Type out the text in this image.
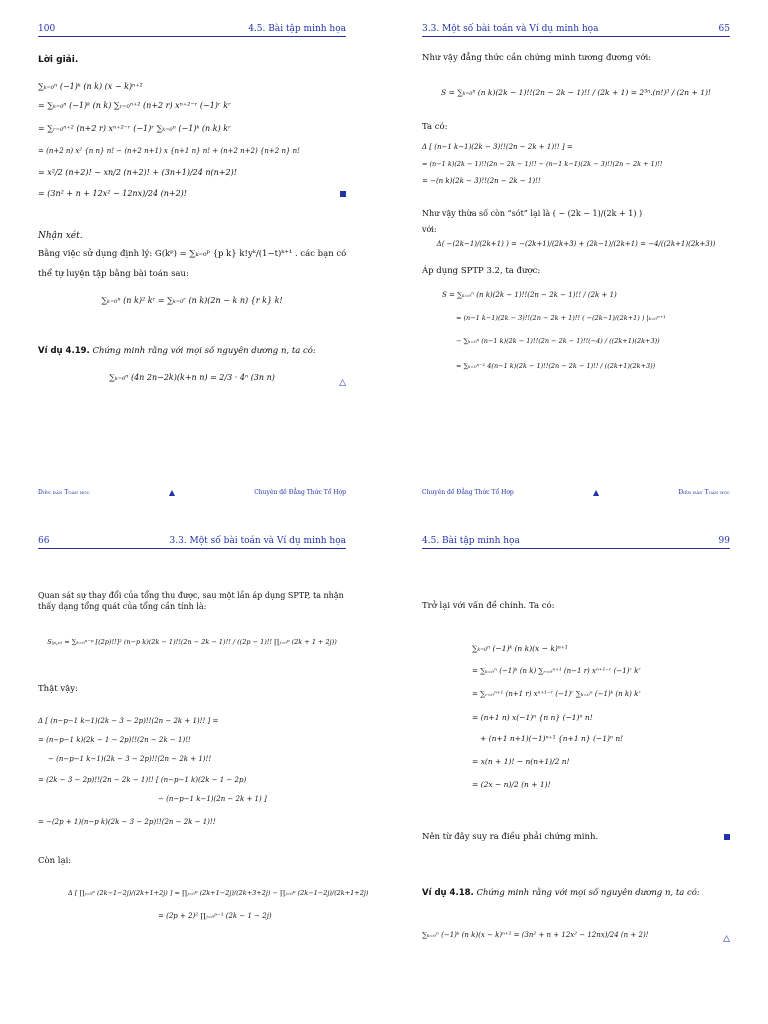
100	4.5. Bài tập minh họa
Lời giải.
∑ₖ₌₀ⁿ (−1)ᵏ (n k) (x − k)ⁿ⁺²
= ∑ₖ₌₀ⁿ (−1)ᵏ (n k) ∑ᵣ₌₀ⁿ⁺² (n+2 r) xⁿ⁺²⁻ʳ (−1)ʳ kʳ
= ∑ᵣ₌₀ⁿ⁺² (n+2 r) xⁿ⁺²⁻ʳ (−1)ʳ ∑ₖ₌₀ⁿ (−1)ᵏ (n k) kʳ
= (n+2 n) x² {n n} n! − (n+2 n+1) x {n+1 n} n! + (n+2 n+2) {n+2 n} n!
= x²/2 (n+2)! − xn/2 (n+2)! + (3n+1)/24 n(n+2)!
= (3n² + n + 12x² − 12nx)/24 (n+2)!
Nhận xét.
Bằng việc sử dụng định lý: G(kᵖ) = ∑ₖ₌₀ᵖ {p k} k!yᵏ/(1−t)ᵏ⁺¹ . các bạn có
thể tự luyện tập bằng bài toán sau:
∑ₖ₌₀ⁿ (n k)² kʳ = ∑ₖ₌₀ʳ (n k)(2n − k n) {r k} k!
Ví dụ 4.19. Chứng minh rằng với mọi số nguyên dương n, ta có:
∑ₖ₌₀ⁿ (4n 2n−2k)(k+n n) = 2/3 · 4ⁿ (3n n)
△
Diễn đàn Toán học	▲	Chuyên đề Đẳng Thức Tổ Hợp
3.3. Một số bài toán và Ví dụ minh họa	65
Như vậy đẳng thức cần chứng minh tương đương với:
S = ∑ₖ₌₀ⁿ (n k)(2k − 1)!!(2n − 2k − 1)!! / (2k + 1) = 2³ⁿ.(n!)³ / (2n + 1)!
Ta có:
Δ [ (n−1 k−1)(2k − 3)!!(2n − 2k + 1)!! ] =
= (n−1 k)(2k − 1)!!(2n − 2k − 1)!! − (n−1 k−1)(2k − 3)!!(2n − 2k + 1)!!
= −(n k)(2k − 3)!!(2n − 2k − 1)!!
Như vậy thừa số còn “sót” lại là ( − (2k − 1)/(2k + 1) )
với:
Δ( −(2k−1)/(2k+1) ) = −(2k+1)/(2k+3) + (2k−1)/(2k+1) = −4/((2k+1)(2k+3))
Áp dụng SPTP 3.2, ta được:
S = ∑ₖ₌₀ⁿ (n k)(2k − 1)!!(2n − 2k − 1)!! / (2k + 1)
= (n−1 k−1)(2k − 3)!!(2n − 2k + 1)!! ( −(2k−1)/(2k+1) ) |ₖ₌₀ⁿ⁺¹
− ∑ₖ₌₀ⁿ (n−1 k)(2k − 1)!!(2n − 2k − 1)!!(−4) / ((2k+1)(2k+3))
= ∑ₖ₌₀ⁿ⁻¹ 4(n−1 k)(2k − 1)!!(2n − 2k − 1)!! / ((2k+1)(2k+3))
Chuyên đề Đẳng Thức Tổ Hợp	▲	Diễn đàn Toán học
66	3.3. Một số bài toán và Ví dụ minh họa
Quan sát sự thay đổi của tổng thu được, sau một lần áp dụng SPTP, ta nhận
thấy dạng tổng quát của tổng cần tính là:
S₍ₚ,ₙ₎ = ∑ₖ₌₀ⁿ⁻ᵖ [(2p)!!]² (n−p k)(2k − 1)!!(2n − 2k − 1)!! / ((2p − 1)!! ∏ⱼ₌₀ᵖ (2k + 1 + 2j))
Thật vậy:
Δ [ (n−p−1 k−1)(2k − 3 − 2p)!!(2n − 2k + 1)!! ] =
= (n−p−1 k)(2k − 1 − 2p)!!(2n − 2k − 1)!!
− (n−p−1 k−1)(2k − 3 − 2p)!!(2n − 2k + 1)!!
= (2k − 3 − 2p)!!(2n − 2k − 1)!! [ (n−p−1 k)(2k − 1 − 2p)
− (n−p−1 k−1)(2n − 2k + 1) ]
= −(2p + 1)(n−p k)(2k − 3 − 2p)!!(2n − 2k − 1)!!
Còn lại:
Δ [ ∏ⱼ₌₀ᵖ (2k−1−2j)/(2k+1+2j) ] = ∏ⱼ₌₀ᵖ (2k+1−2j)/(2k+3+2j) − ∏ⱼ₌₀ᵖ (2k−1−2j)/(2k+1+2j)
= (2p + 2)² ∏ⱼ₌₀ᵖ⁻¹ (2k − 1 − 2j)
4.5. Bài tập minh họa	99
Trở lại với vấn đề chính. Ta có:
∑ₖ₌₀ⁿ (−1)ᵏ (n k)(x − k)ⁿ⁺¹
= ∑ₖ₌₀ⁿ (−1)ᵏ (n k) ∑ᵣ₌₀ⁿ⁺¹ (n−1 r) xⁿ⁺¹⁻ʳ (−1)ʳ kʳ
= ∑ᵣ₌₀ⁿ⁺¹ (n+1 r) xⁿ⁺¹⁻ʳ (−1)ʳ ∑ₖ₌₀ⁿ (−1)ᵏ (n k) kʳ
= (n+1 n) x(−1)ⁿ {n n} (−1)ⁿ n!
+ (n+1 n+1)(−1)ⁿ⁺¹ {n+1 n} (−1)ⁿ n!
= x(n + 1)! − n(n+1)/2 n!
= (2x − n)/2 (n + 1)!
Nên từ đây suy ra điều phải chứng minh.
Ví dụ 4.18. Chứng minh rằng với mọi số nguyên dương n, ta có:
∑ₖ₌₀ⁿ (−1)ᵏ (n k)(x − k)ⁿ⁺² = (3n² + n + 12x² − 12nx)/24 (n + 2)!	△
